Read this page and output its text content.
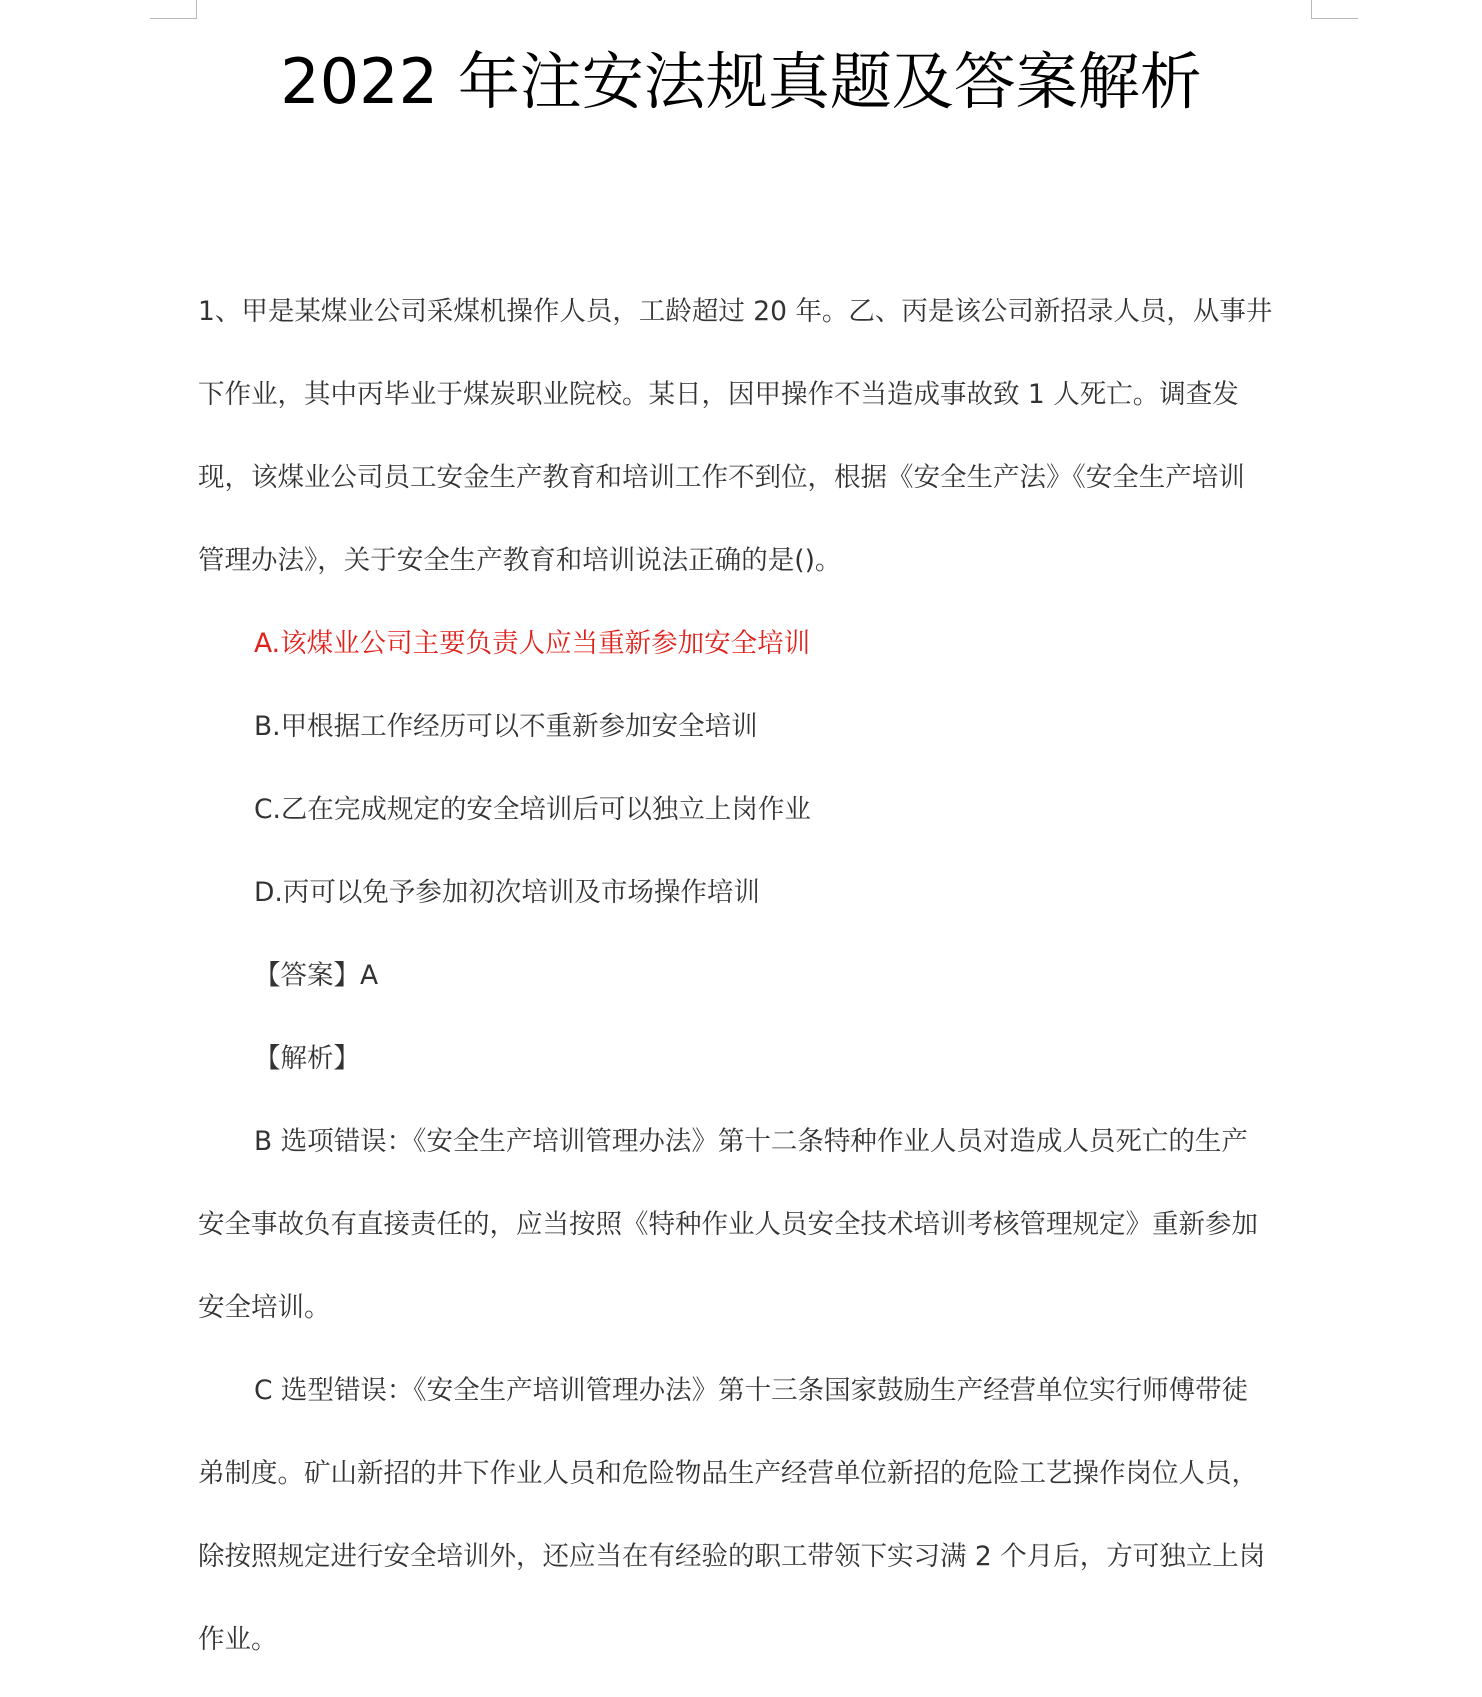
2022 年注安法规真题及答案解析
1、甲是某煤业公司采煤机操作人员，工龄超过 20 年。乙、丙是该公司新招录人员，从事井
下作业，其中丙毕业于煤炭职业院校。某日，因甲操作不当造成事故致 1 人死亡。调查发
现，该煤业公司员工安金生产教育和培训工作不到位，根据《安全生产法》《安全生产培训
管理办法》，关于安全生产教育和培训说法正确的是()。
A.该煤业公司主要负责人应当重新参加安全培训
B.甲根据工作经历可以不重新参加安全培训
C.乙在完成规定的安全培训后可以独立上岗作业
D.丙可以免予参加初次培训及市场操作培训
【答案】A
【解析】
B 选项错误：《安全生产培训管理办法》第十二条特种作业人员对造成人员死亡的生产
安全事故负有直接责任的，应当按照《特种作业人员安全技术培训考核管理规定》重新参加
安全培训。
C 选型错误：《安全生产培训管理办法》第十三条国家鼓励生产经营单位实行师傅带徒
弟制度。矿山新招的井下作业人员和危险物品生产经营单位新招的危险工艺操作岗位人员，
除按照规定进行安全培训外，还应当在有经验的职工带领下实习满 2 个月后，方可独立上岗
作业。
